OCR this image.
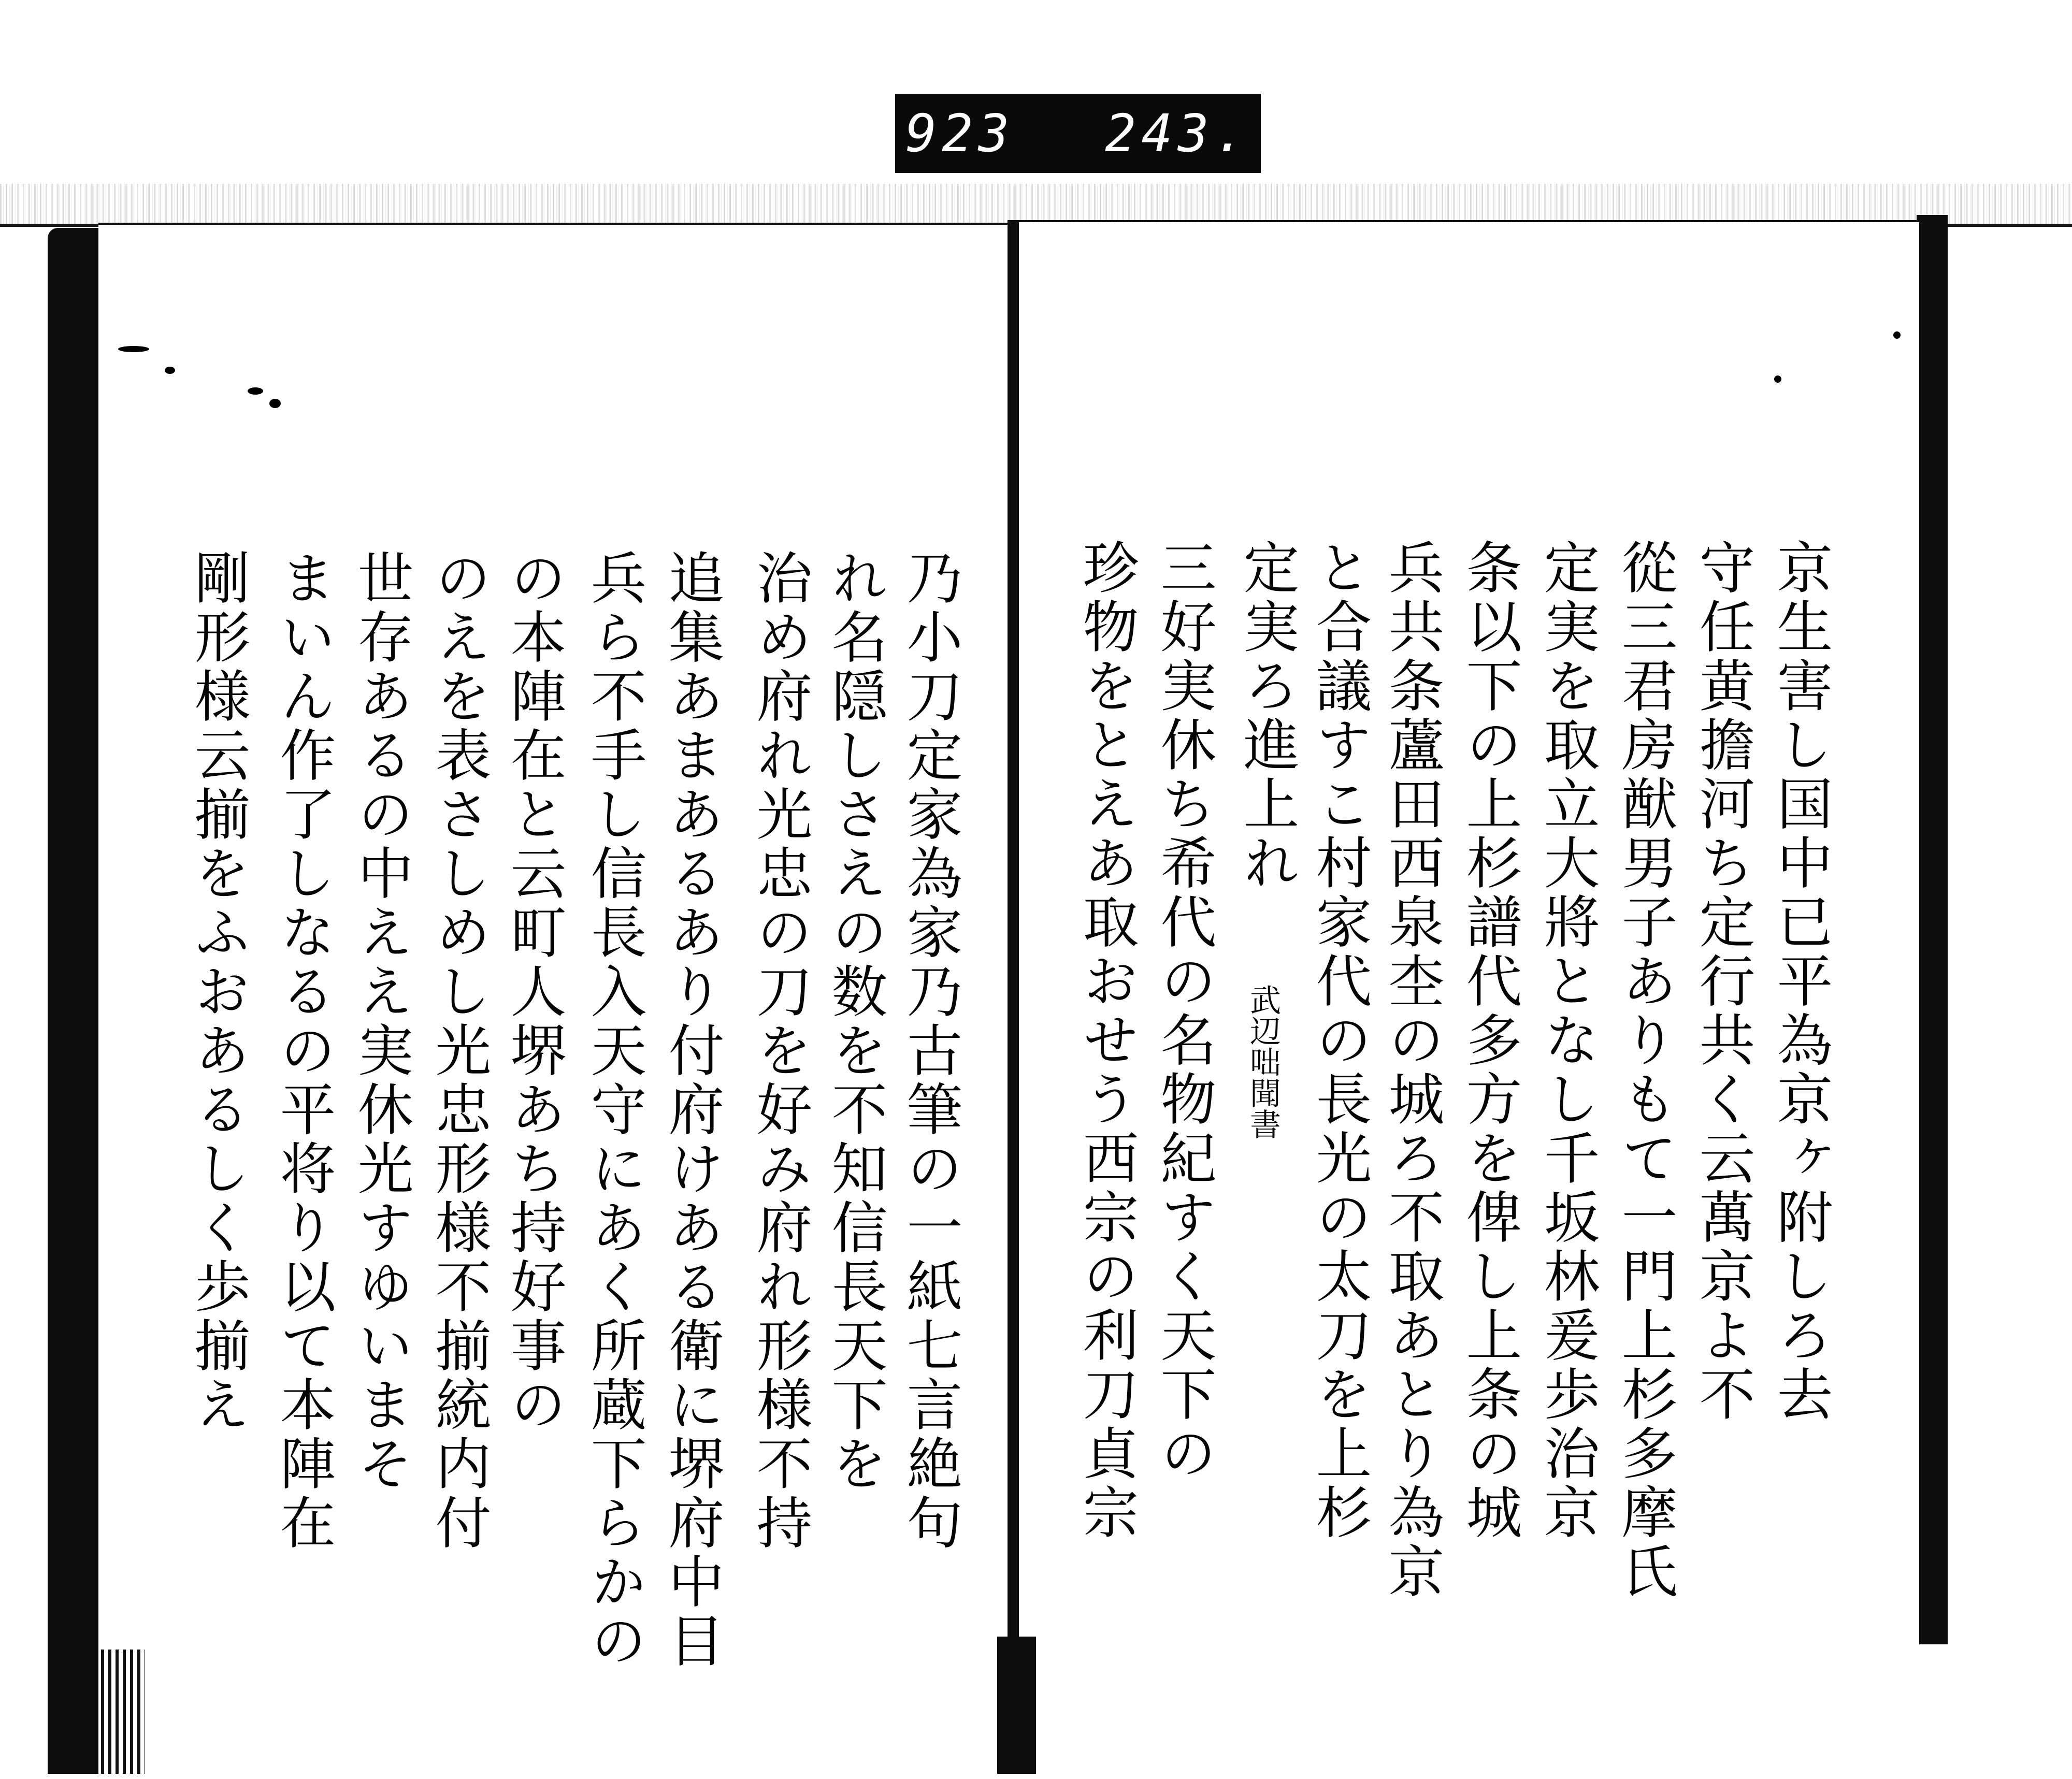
923 243.
京生害し国中已平為京ヶ附しろ去
守任黄擔河ち定行共く云萬京よ不
從三君房猷男子ありもて一門上杉多摩氏
定実を取立大將となし千坂林爰歩治京
条以下の上杉譜代多方を俾し上条の城
兵共条蘆田西泉杢の城ろ不取あとり為京
と合議すこ村家代の長光の太刀を上杉
定実ろ進上れ
武辺咄聞書
三好実休ち希代の名物紀すく天下の
珍物をとえあ取おせう西宗の利刀貞宗
乃小刀定家為家乃古筆の一紙七言絶句
れ名隠しさえの数を不知信長天下を
治め府れ光忠の刀を好み府れ形様不持
追集あまあるあり付府けある衛に堺府中目
兵ら不手し信長入天守にあく所蔵下らかの
の本陣在と云町人堺あち持好事の
のえを表さしめし光忠形様不揃統内付
世存あるの中ええ実休光すゆいまそ
まいん作了しなるの平将り以て本陣在
剛形様云揃をふおあるしく歩揃え
